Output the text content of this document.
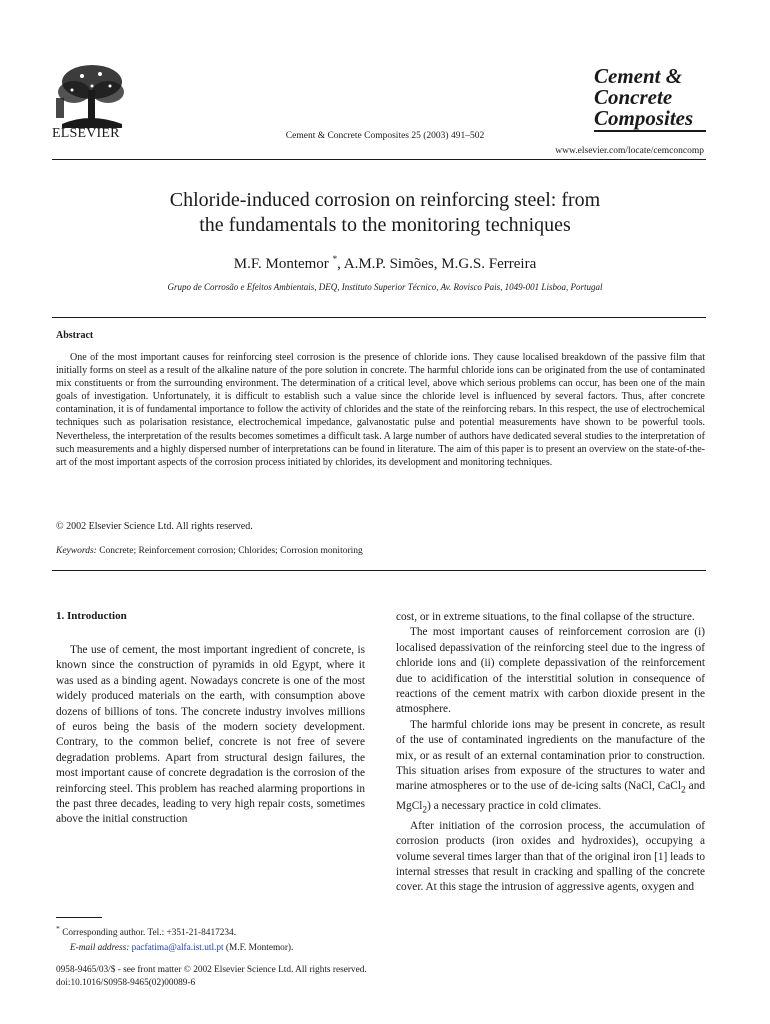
ELSEVIER	Cement & Concrete Composites 25 (2003) 491–502
Cement &
Concrete
Composites
www.elsevier.com/locate/cemconcomp
Chloride-induced corrosion on reinforcing steel: from
the fundamentals to the monitoring techniques
M.F. Montemor *, A.M.P. Simões, M.G.S. Ferreira
Grupo de Corrosão e Efeitos Ambientais, DEQ, Instituto Superior Técnico, Av. Rovisco Pais, 1049-001 Lisboa, Portugal
Abstract

One of the most important causes for reinforcing steel corrosion is the presence of chloride ions. They cause localised breakdown of the passive film that initially forms on steel as a result of the alkaline nature of the pore solution in concrete. The harmful chloride ions can be originated from the use of contaminated mix constituents or from the surrounding environment. The determination of a critical level, above which serious problems can occur, has been one of the main goals of investigation. Unfortunately, it is difficult to establish such a value since the chloride level is influenced by several factors. Thus, after concrete contamination, it is of fundamental importance to follow the activity of chlorides and the state of the reinforcing rebars. In this respect, the use of electrochemical techniques such as polarisation resistance, electrochemical impedance, galvanostatic pulse and potential measurements have shown to be powerful tools. Nevertheless, the interpretation of the results becomes sometimes a difficult task. A large number of authors have dedicated several studies to the interpretation of such measurements and a highly dispersed number of interpretations can be found in literature. The aim of this paper is to present an overview on the state-of-the-art of the most important aspects of the corrosion process initiated by chlorides, its development and monitoring techniques.

© 2002 Elsevier Science Ltd. All rights reserved.
Keywords: Concrete; Reinforcement corrosion; Chlorides; Corrosion monitoring
1. Introduction

The use of cement, the most important ingredient of concrete, is known since the construction of pyramids in old Egypt, where it was used as a binding agent. Nowadays concrete is one of the most widely produced materials on the earth, with consumption above dozens of billions of tons. The concrete industry involves millions of euros being the basis of the modern society development. Contrary, to the common belief, concrete is not free of severe degradation problems. Apart from structural design failures, the most important cause of concrete degradation is the corrosion of the reinforcing steel. This problem has reached alarming proportions in the past three decades, leading to very high repair costs, sometimes above the initial construction

cost, or in extreme situations, to the final collapse of the structure.

The most important causes of reinforcement corrosion are (i) localised depassivation of the reinforcing steel due to the ingress of chloride ions and (ii) complete depassivation of the reinforcement due to acidification of the interstitial solution in consequence of reactions of the cement matrix with carbon dioxide present in the atmosphere.

The harmful chloride ions may be present in concrete, as result of the use of contaminated ingredients on the manufacture of the mix, or as result of an external contamination prior to construction. This situation arises from exposure of the structures to water and marine atmospheres or to the use of de-icing salts (NaCl, CaCl$_2$ and MgCl$_2$) a necessary practice in cold climates.

After initiation of the corrosion process, the accumulation of corrosion products (iron oxides and hydroxides), occupying a volume several times larger than that of the original iron [1] leads to internal stresses that result in cracking and spalling of the concrete cover. At this stage the intrusion of aggressive agents, oxygen and

* Corresponding author. Tel.: +351-21-8417234.
E-mail address: pacfatima@alfa.ist.utl.pt (M.F. Montemor).
0958-9465/03/$ - see front matter © 2002 Elsevier Science Ltd. All rights reserved.
doi:10.1016/S0958-9465(02)00089-6
